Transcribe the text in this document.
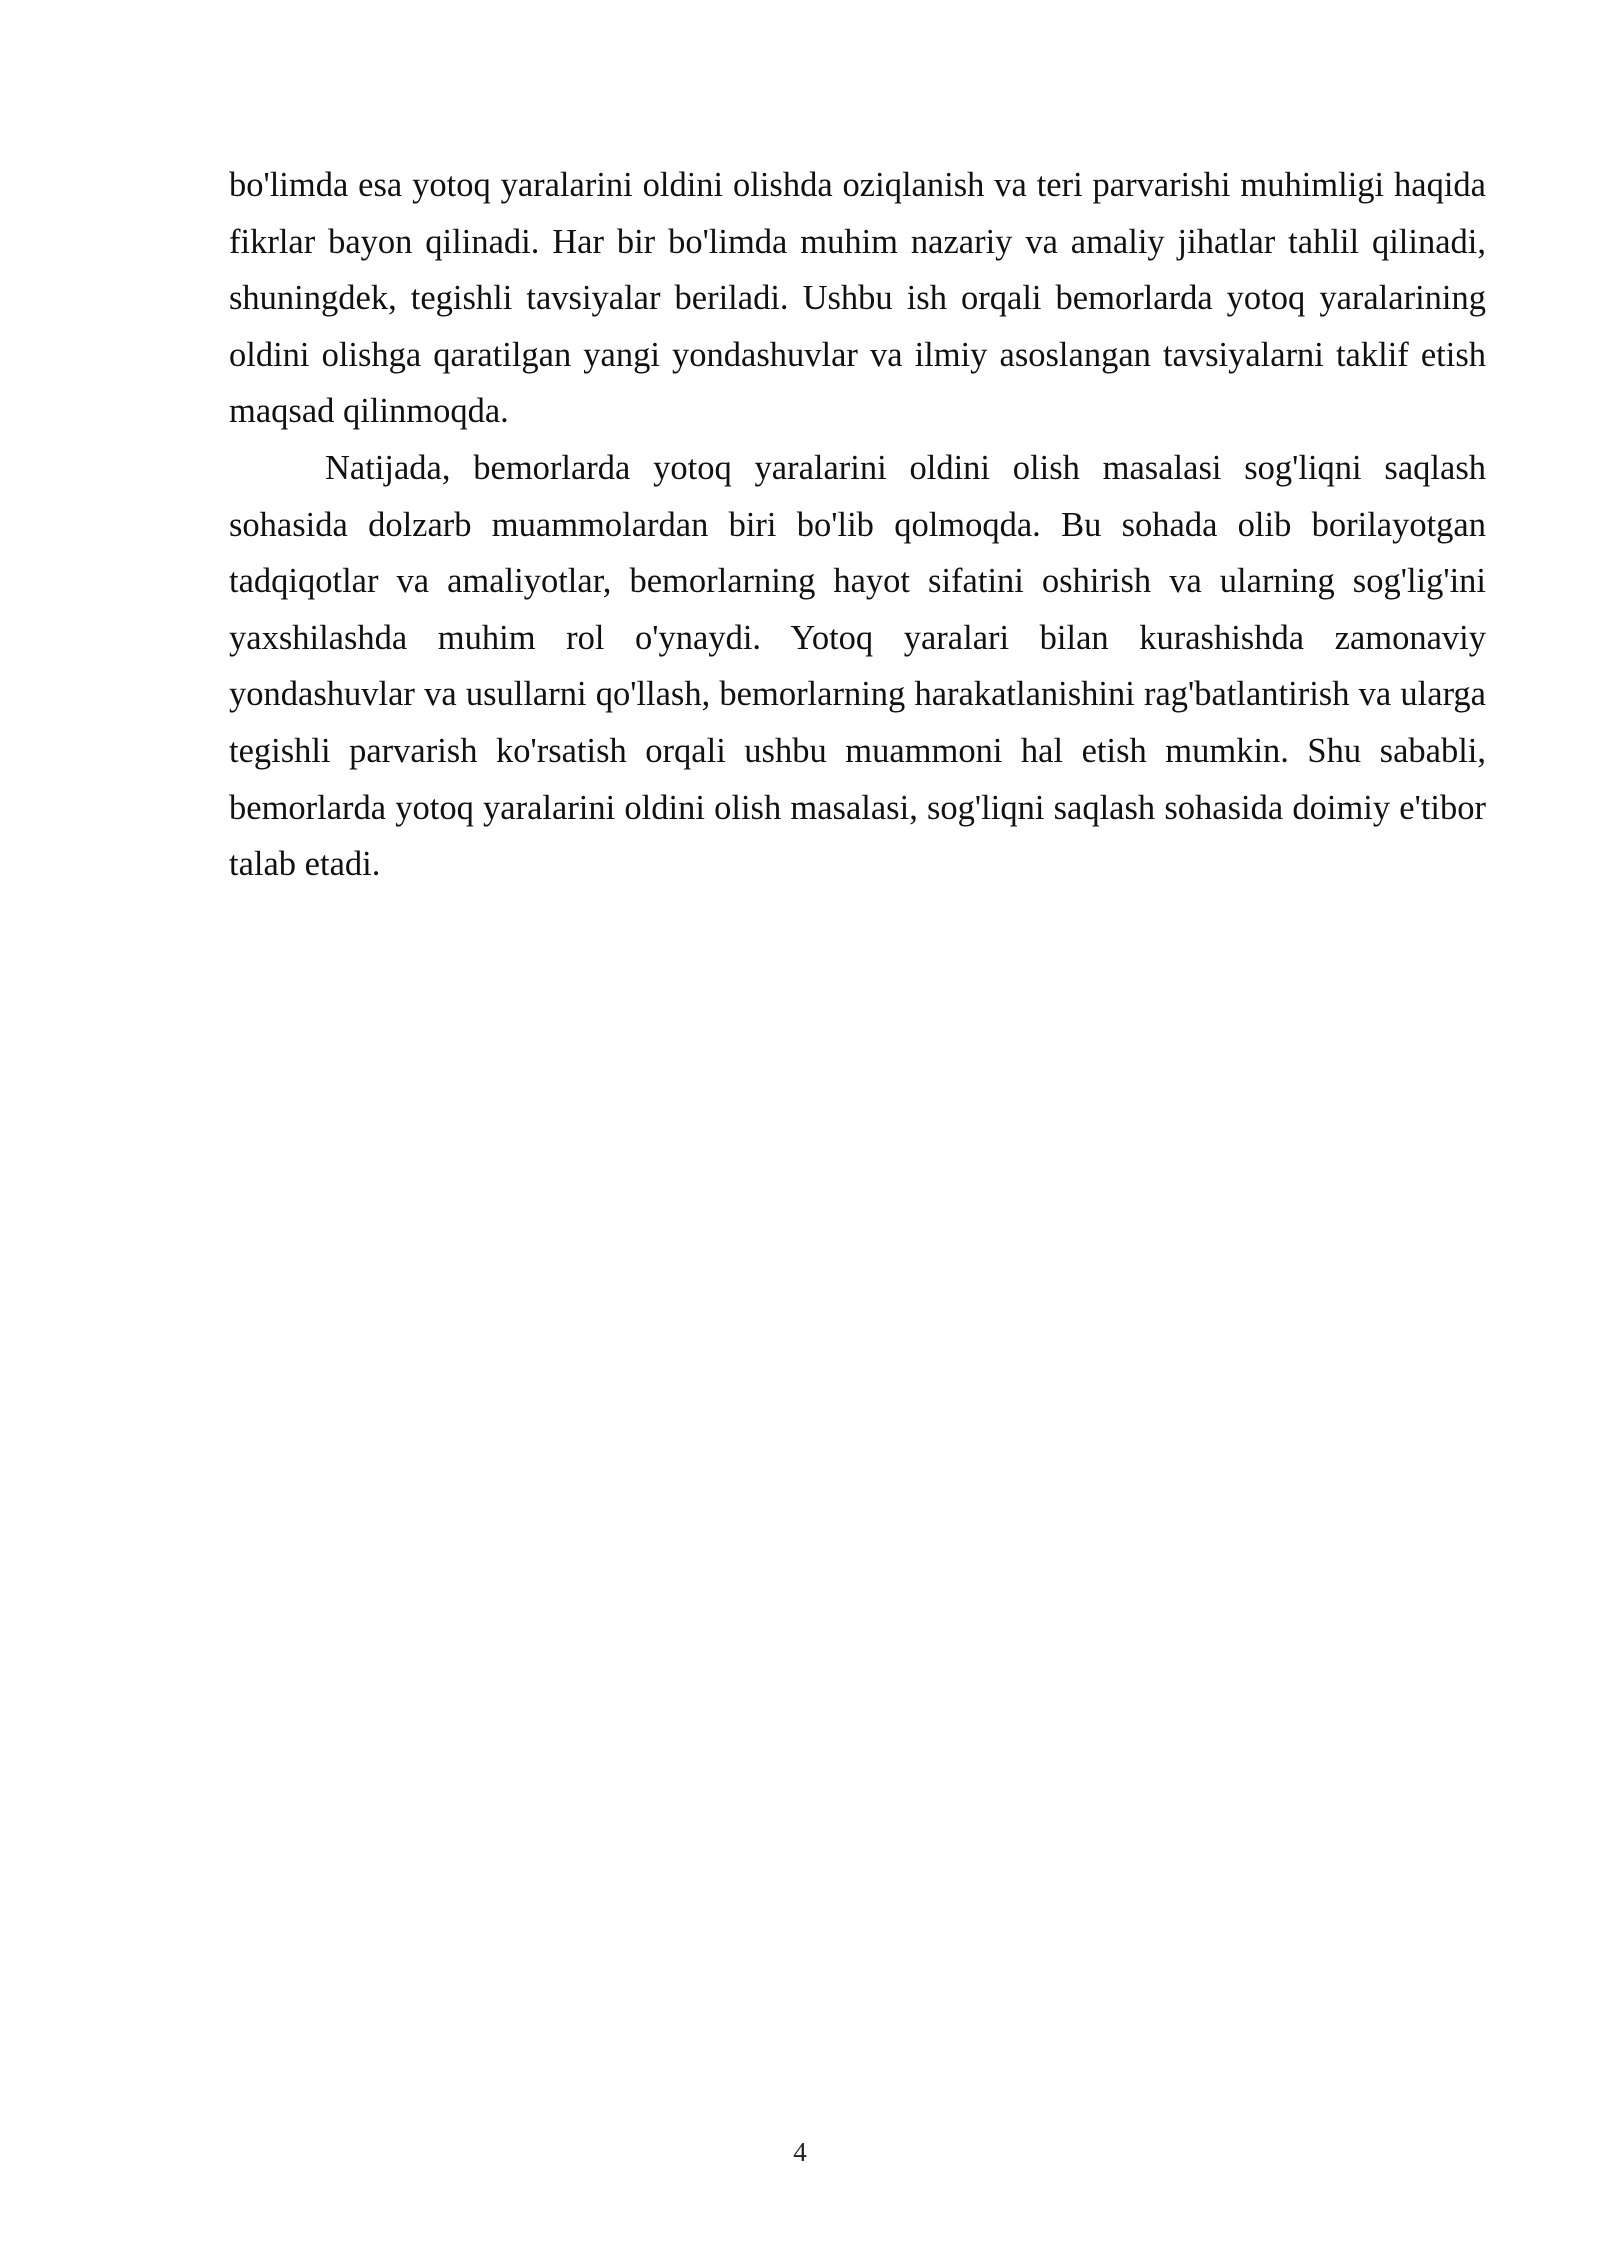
bo'limda esa yotoq yaralarini oldini olishda oziqlanish va teri parvarishi muhimligi haqida fikrlar bayon qilinadi. Har bir bo'limda muhim nazariy va amaliy jihatlar tahlil qilinadi, shuningdek, tegishli tavsiyalar beriladi. Ushbu ish orqali bemorlarda yotoq yaralarining oldini olishga qaratilgan yangi yondashuvlar va ilmiy asoslangan tavsiyalarni taklif etish maqsad qilinmoqda.

Natijada, bemorlarda yotoq yaralarini oldini olish masalasi sog'liqni saqlash sohasida dolzarb muammolardan biri bo'lib qolmoqda. Bu sohada olib borilayotgan tadqiqotlar va amaliyotlar, bemorlarning hayot sifatini oshirish va ularning sog'lig'ini yaxshilashda muhim rol o'ynaydi. Yotoq yaralari bilan kurashishda zamonaviy yondashuvlar va usullarni qo'llash, bemorlarning harakatlanishini rag'batlantirish va ularga tegishli parvarish ko'rsatish orqali ushbu muammoni hal etish mumkin. Shu sababli, bemorlarda yotoq yaralarini oldini olish masalasi, sog'liqni saqlash sohasida doimiy e'tibor talab etadi.

4
